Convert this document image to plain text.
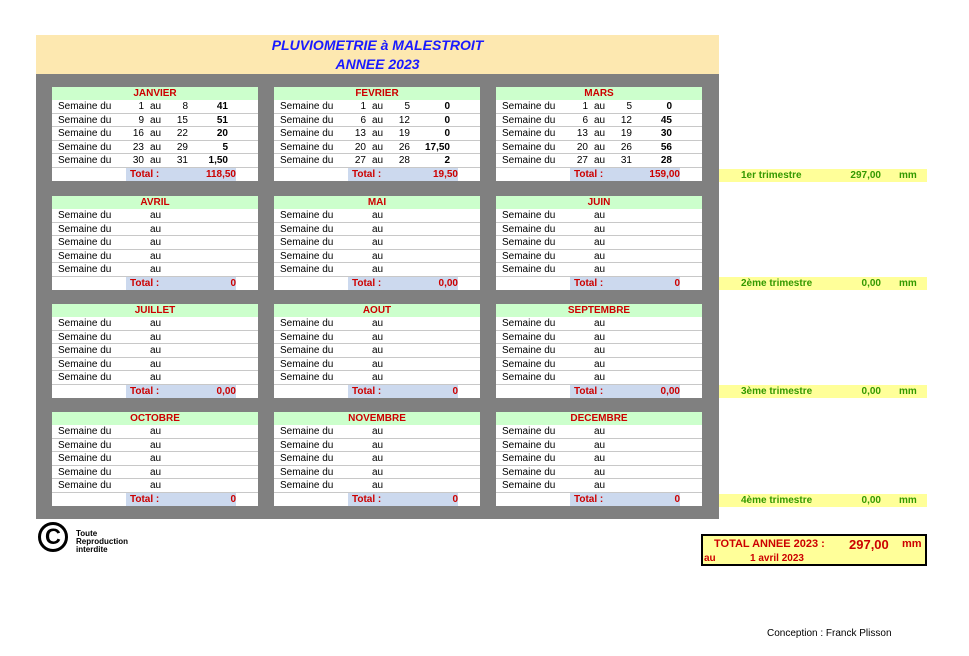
PLUVIOMETRIE à MALESTROIT
ANNEE 2023
JANVIER
Semaine du	1 au	8	41
Semaine du	9 au	15	51
Semaine du 16 au	22	20
Semaine du 23 au	29	5
Semaine du 30 au	31	1,50
Total :	118,50
FEVRIER
Semaine du	1 au	5	0
Semaine du	6 au	12	0
Semaine du 13 au	19	0
Semaine du 20 au	26	17,50
Semaine du 27 au	28	2
Total :	19,50
MARS
Semaine du	1 au	5	0
Semaine du	6 au	12	45
Semaine du 13 au	19	30
Semaine du 20 au	26	56
Semaine du 27 au	31	28
Total :	159,00
AVRIL
Semaine du	au
Semaine du	au
Semaine du	au
Semaine du	au
Semaine du	au
Total :	0
MAI
Semaine du	au
Semaine du	au
Semaine du	au
Semaine du	au
Semaine du	au
Total :	0,00
JUIN
Semaine du	au
Semaine du	au
Semaine du	au
Semaine du	au
Semaine du	au
Total :	0
JUILLET
Semaine du	au
Semaine du	au
Semaine du	au
Semaine du	au
Semaine du	au
Total :	0,00
AOUT
Semaine du	au
Semaine du	au
Semaine du	au
Semaine du	au
Semaine du	au
Total :	0
SEPTEMBRE
Semaine du	au
Semaine du	au
Semaine du	au
Semaine du	au
Semaine du	au
Total :	0,00
OCTOBRE
Semaine du	au
Semaine du	au
Semaine du	au
Semaine du	au
Semaine du	au
Total :	0
NOVEMBRE
Semaine du	au
Semaine du	au
Semaine du	au
Semaine du	au
Semaine du	au
Total :	0
DECEMBRE
Semaine du	au
Semaine du	au
Semaine du	au
Semaine du	au
Semaine du	au
Total :	0
1er trimestre	297,00 mm
2ème trimestre	0,00 mm
3ème trimestre	0,00 mm
4ème trimestre	0,00 mm
TOTAL ANNEE 2023 : 297,00 mm
au	1 avril 2023
C	Toute
Reproduction
interdite
Conception : Franck Plisson
